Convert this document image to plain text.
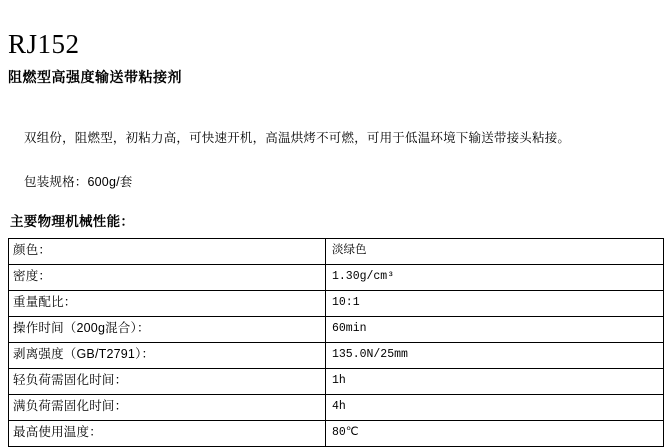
RJ152
阻燃型高强度输送带粘接剂

双组份，阻燃型，初粘力高，可快速开机，高温烘烤不可燃，可用于低温环境下输送带接头粘接。

包装规格：600g/套

主要物理机械性能：
颜色：	淡绿色
密度：	1.30g/cm³
重量配比：	10:1
操作时间（200g混合）：	60min
剥离强度（GB/T2791）：	135.0N/25mm
轻负荷需固化时间：	1h
满负荷需固化时间：	4h
最高使用温度：	80℃
